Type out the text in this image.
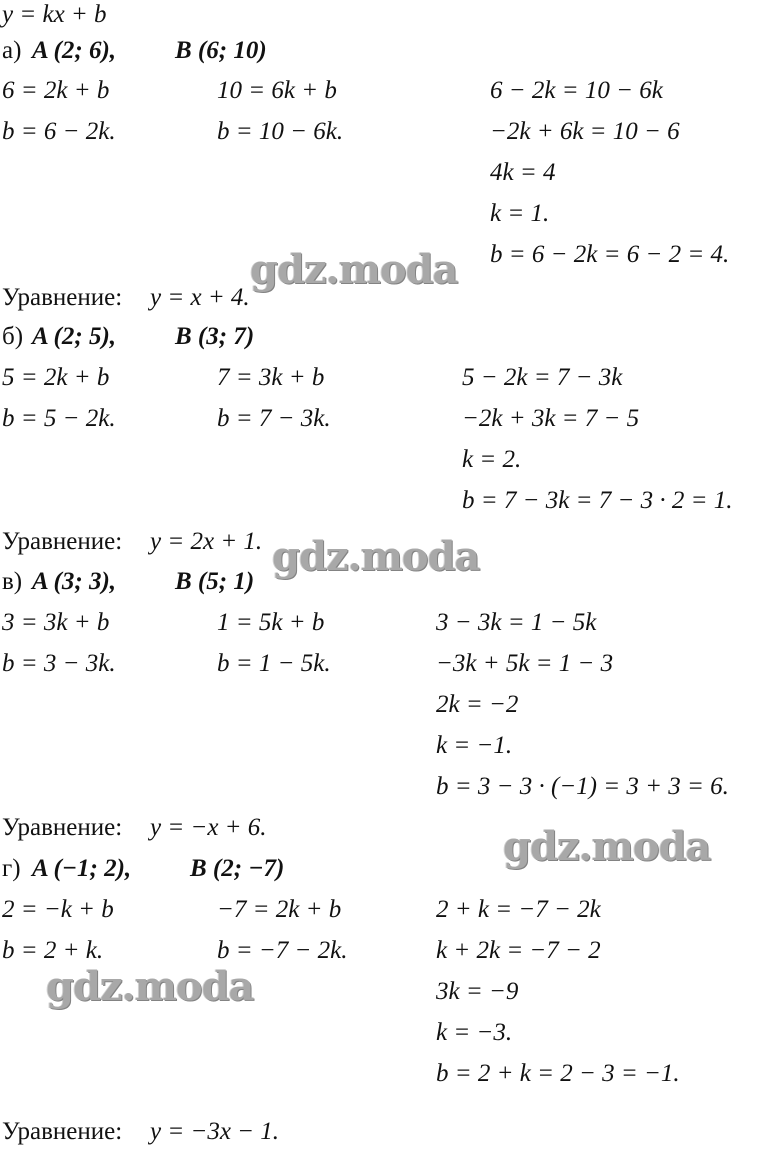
y = kx + b
а) A (2; 6), B (6; 10)
6 = 2k + b
b = 6 − 2k.
10 = 6k + b
b = 10 − 6k.
6 − 2k = 10 − 6k
−2k + 6k = 10 − 6
4k = 4
k = 1.
b = 6 − 2k = 6 − 2 = 4.
Уравнение: y = x + 4.
б) A (2; 5), B (3; 7)
5 = 2k + b
b = 5 − 2k.
7 = 3k + b
b = 7 − 3k.
5 − 2k = 7 − 3k
−2k + 3k = 7 − 5
k = 2.
b = 7 − 3k = 7 − 3 · 2 = 1.
Уравнение: y = 2x + 1.
в) A (3; 3), B (5; 1)
3 = 3k + b
b = 3 − 3k.
1 = 5k + b
b = 1 − 5k.
3 − 3k = 1 − 5k
−3k + 5k = 1 − 3
2k = −2
k = −1.
b = 3 − 3 · (−1) = 3 + 3 = 6.
Уравнение: y = −x + 6.
г) A (−1; 2), B (2; −7)
2 = −k + b
b = 2 + k.
−7 = 2k + b
b = −7 − 2k.
2 + k = −7 − 2k
k + 2k = −7 − 2
3k = −9
k = −3.
b = 2 + k = 2 − 3 = −1.
Уравнение: y = −3x − 1.
gdz.moda
gdz.moda
gdz.moda
gdz.moda
